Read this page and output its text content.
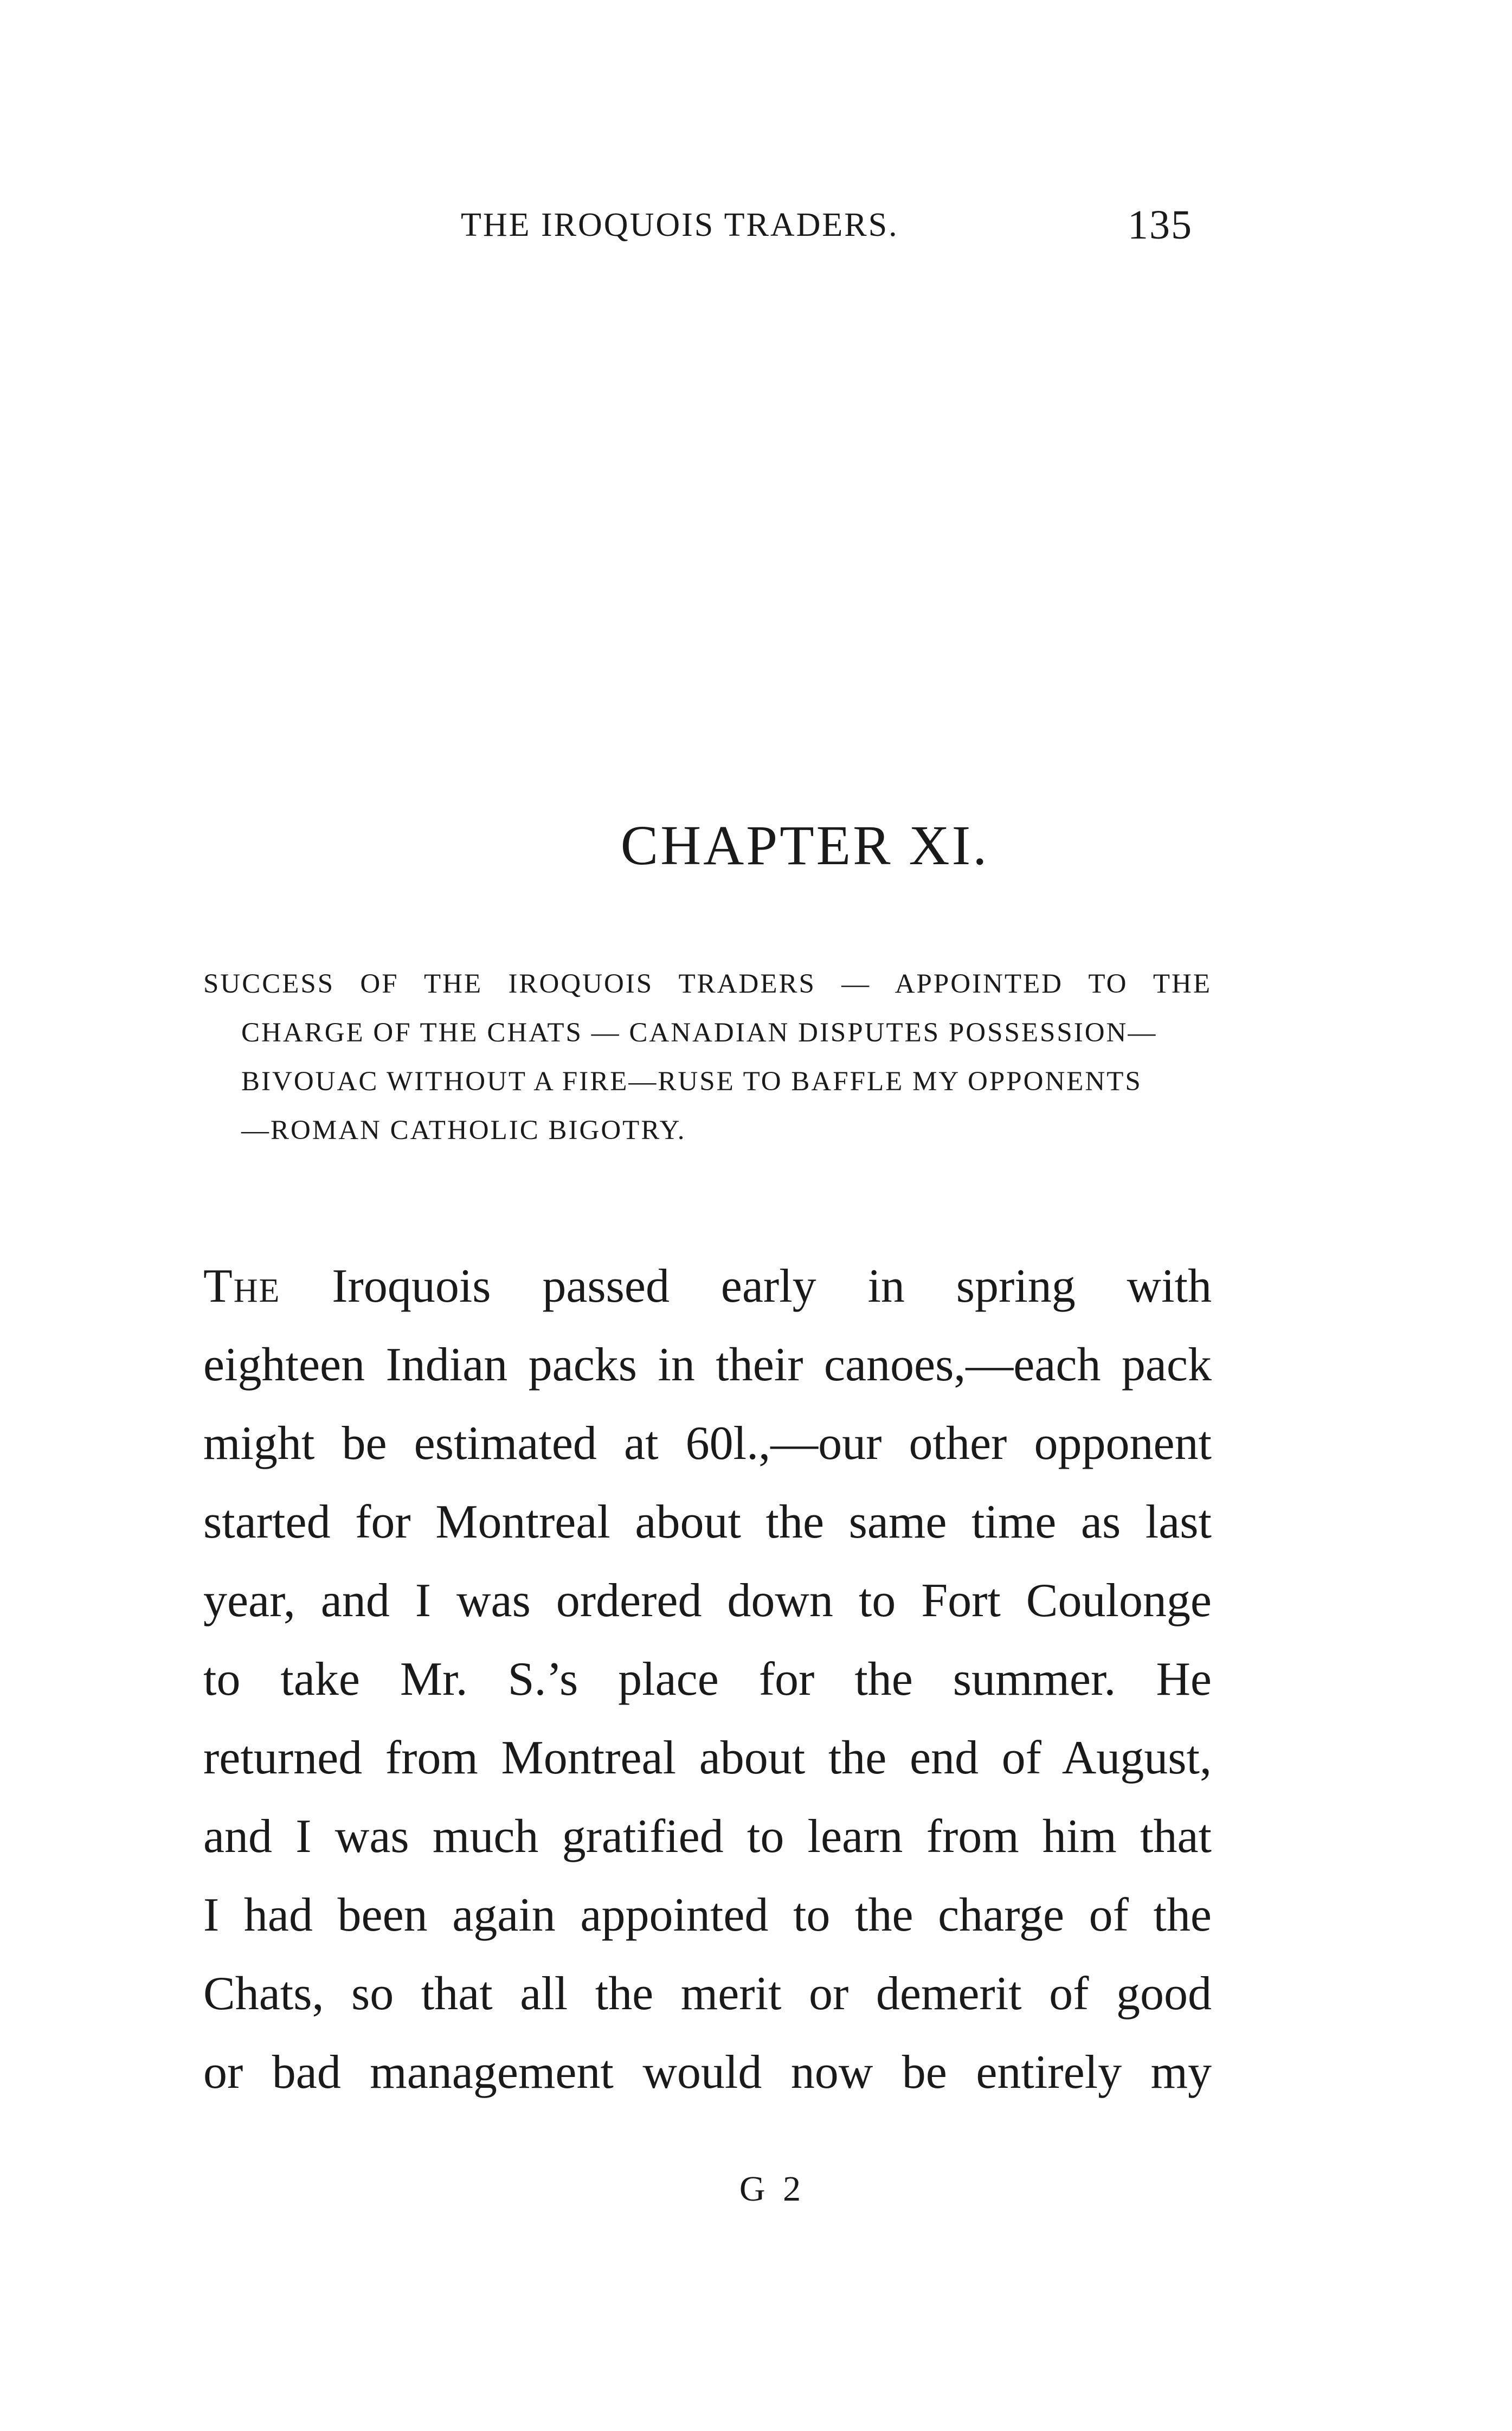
THE IROQUOIS TRADERS.	135
CHAPTER XI.
SUCCESS OF THE IROQUOIS TRADERS — APPOINTED TO THE
CHARGE OF THE CHATS — CANADIAN DISPUTES POSSESSION—
BIVOUAC WITHOUT A FIRE—RUSE TO BAFFLE MY OPPONENTS
—ROMAN CATHOLIC BIGOTRY.
The Iroquois passed early in spring with
eighteen Indian packs in their canoes,—each pack
might be estimated at 60l.,—our other opponent
started for Montreal about the same time as last
year, and I was ordered down to Fort Coulonge
to take Mr. S.’s place for the summer. He
returned from Montreal about the end of August,
and I was much gratified to learn from him that
I had been again appointed to the charge of the
Chats, so that all the merit or demerit of good
or bad management would now be entirely my
G 2
